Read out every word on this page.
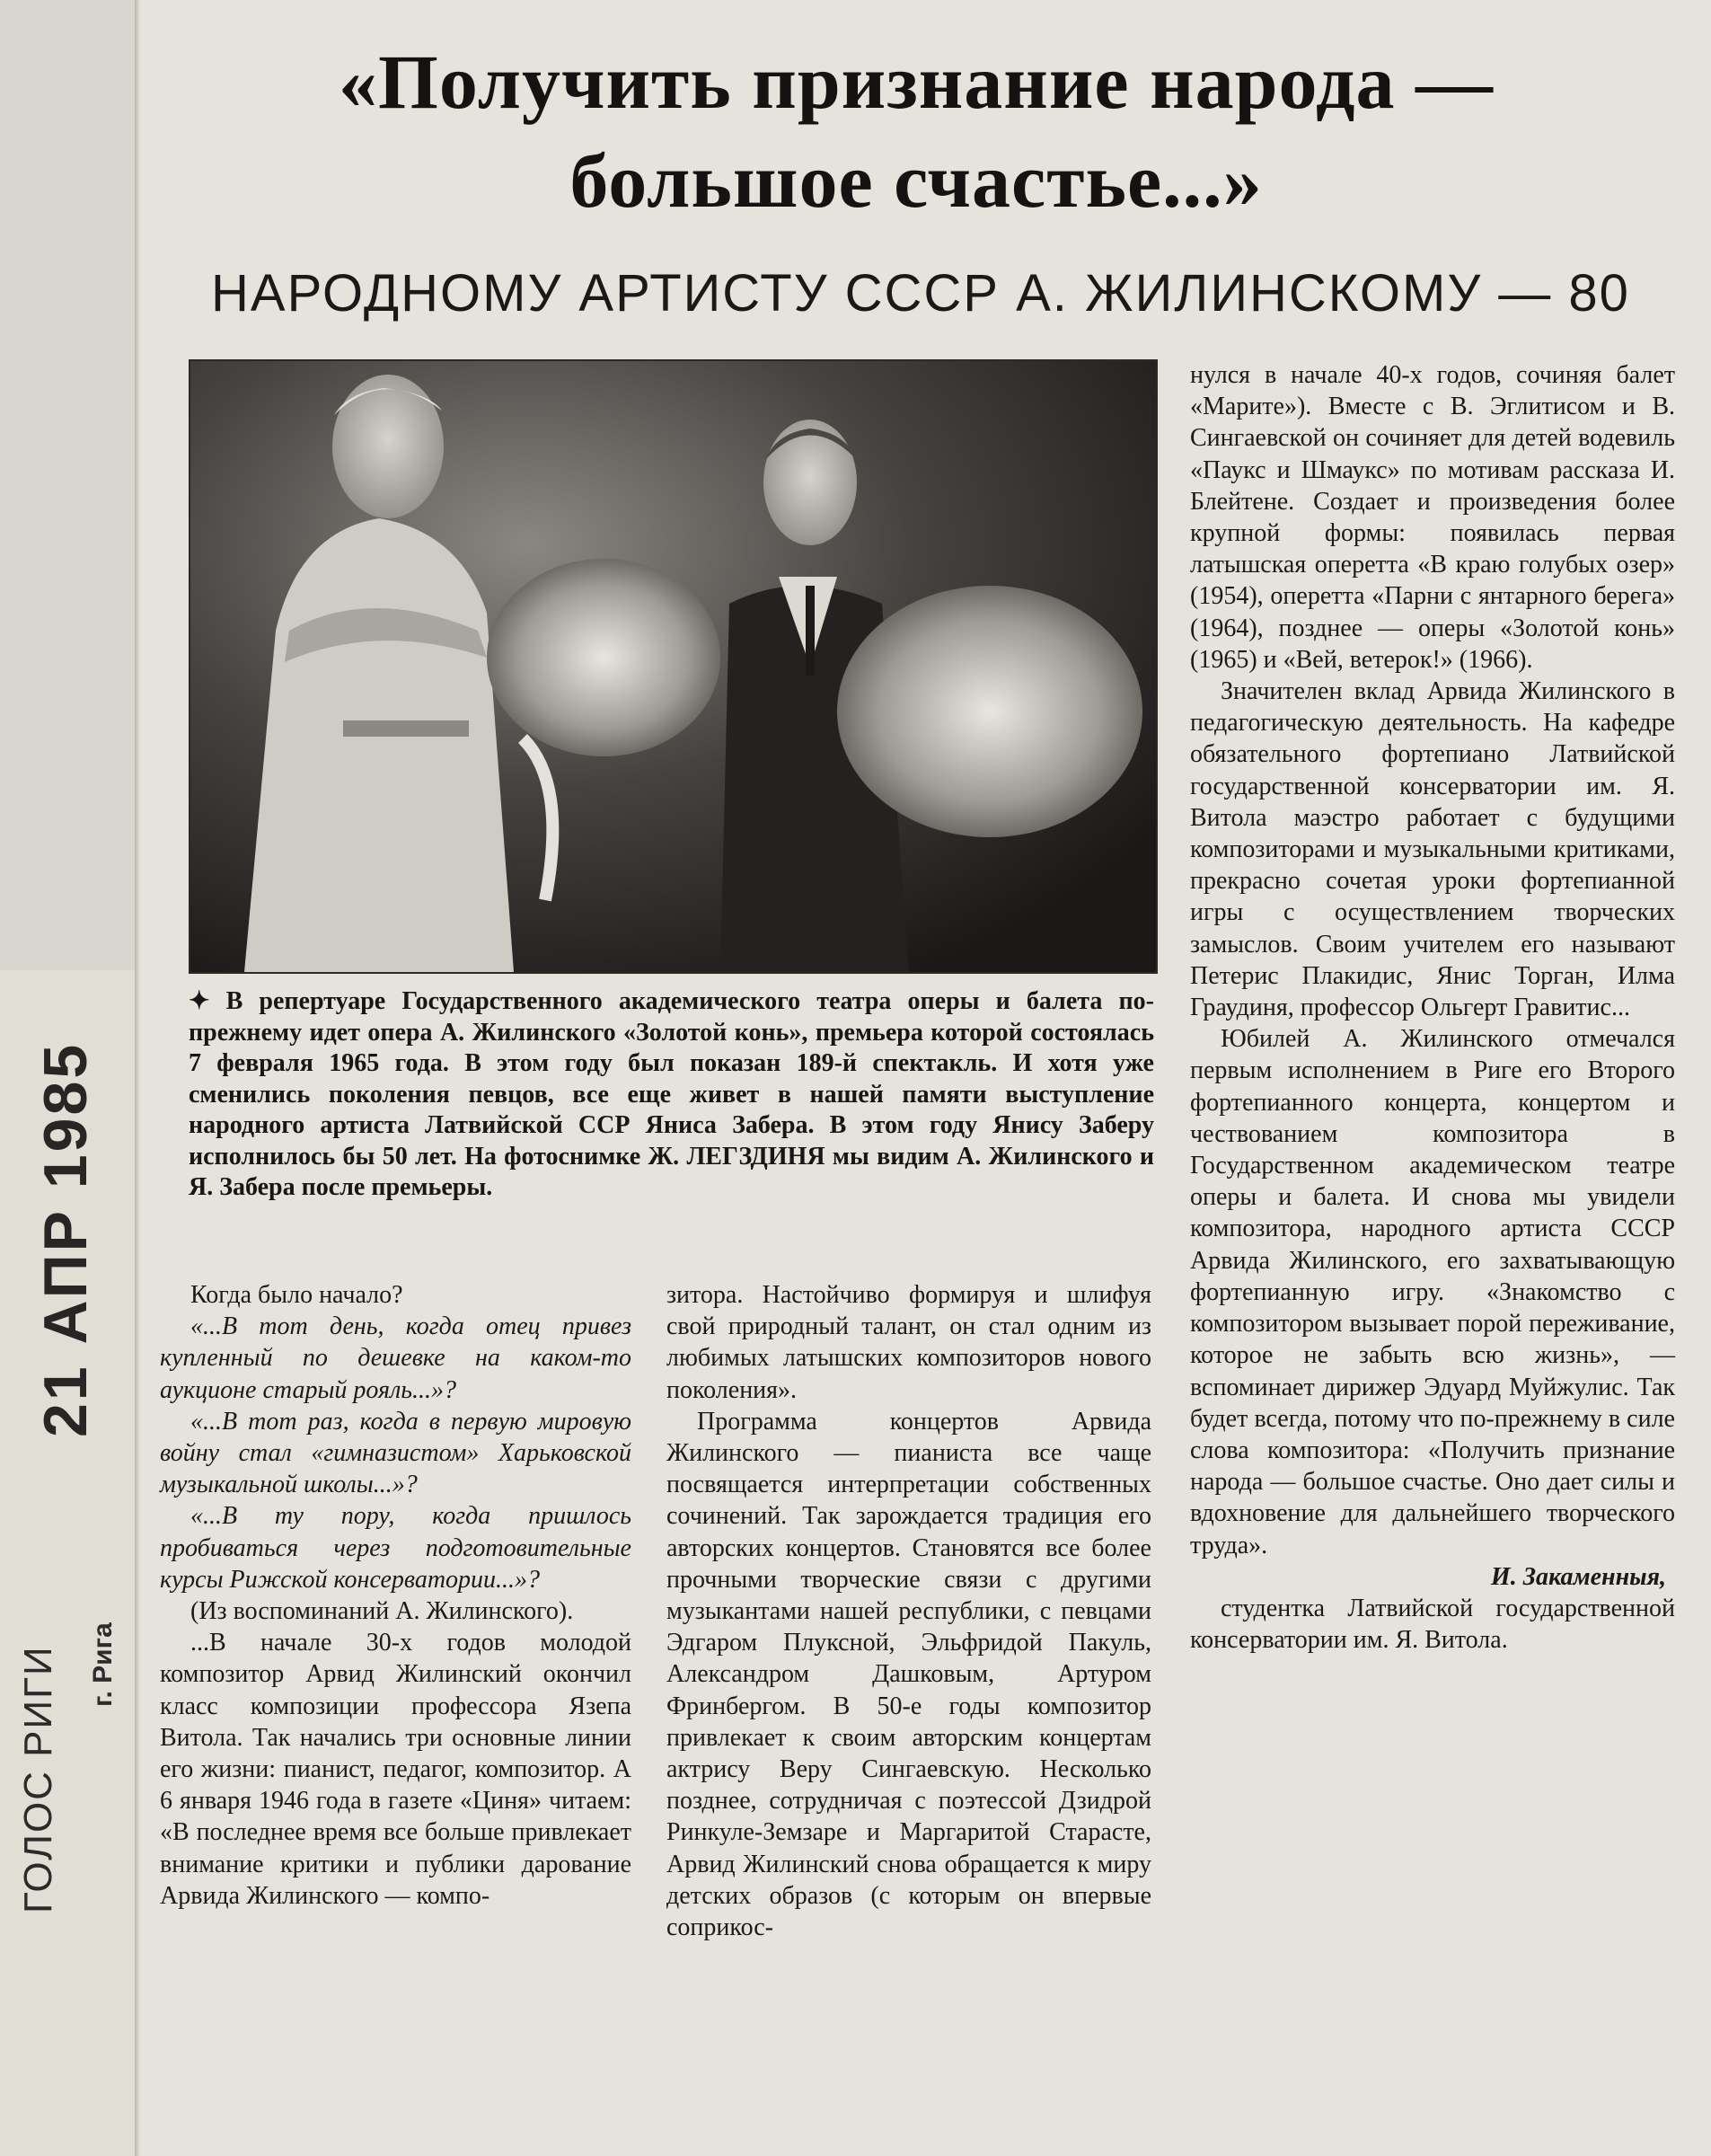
«Получить признание народа —
большое счастье...»
НАРОДНОМУ АРТИСТУ СССР А. ЖИЛИНСКОМУ — 80
✦ В репертуаре Государственного академического театра оперы и балета по-прежнему идет опера А. Жилинского «Золотой конь», премьера которой состоялась 7 февраля 1965 года. В этом году был показан 189-й спектакль. И хотя уже сменились поколения певцов, все еще живет в нашей памяти выступление народного артиста Латвийской ССР Яниса Забера. В этом году Янису Заберу исполнилось бы 50 лет. На фотоснимке Ж. ЛЕГЗДИНЯ мы видим А. Жилинского и Я. Забера после премьеры.

Когда было начало?

«...В тот день, когда отец привез купленный по дешевке на каком-то аукционе старый рояль...»?

«...В тот раз, когда в первую мировую войну стал «гимназистом» Харьковской музыкальной школы...»?

«...В ту пору, когда пришлось пробиваться через подготовительные курсы Рижской консерватории...»?

(Из воспоминаний А. Жилинского).

...В начале 30-х годов молодой композитор Арвид Жилинский окончил класс композиции профессора Язепа Витола. Так начались три основные линии его жизни: пианист, педагог, композитор. А 6 января 1946 года в газете «Циня» читаем: «В последнее время все больше привлекает внимание критики и публики дарование Арвида Жилинского — компо-

зитора. Настойчиво формируя и шлифуя свой природный талант, он стал одним из любимых латышских композиторов нового поколения».

Программа концертов Арвида Жилинского — пианиста все чаще посвящается интерпретации собственных сочинений. Так зарождается традиция его авторских концертов. Становятся все более прочными творческие связи с другими музыкантами нашей республики, с певцами Эдгаром Плуксной, Эльфридой Пакуль, Александром Дашковым, Артуром Фринбергом. В 50-е годы композитор привлекает к своим авторским концертам актрису Веру Сингаевскую. Несколько позднее, сотрудничая с поэтессой Дзидрой Ринкуле-Земзаре и Маргаритой Старасте, Арвид Жилинский снова обращается к миру детских образов (с которым он впервые соприкос-

нулся в начале 40-х годов, сочиняя балет «Марите»). Вместе с В. Эглитисом и В. Сингаевской он сочиняет для детей водевиль «Паукс и Шмаукс» по мотивам рассказа И. Блейтене. Создает и произведения более крупной формы: появилась первая латышская оперетта «В краю голубых озер» (1954), оперетта «Парни с янтарного берега» (1964), позднее — оперы «Золотой конь» (1965) и «Вей, ветерок!» (1966).

Значителен вклад Арвида Жилинского в педагогическую деятельность. На кафедре обязательного фортепиано Латвийской государственной консерватории им. Я. Витола маэстро работает с будущими композиторами и музыкальными критиками, прекрасно сочетая уроки фортепианной игры с осуществлением творческих замыслов. Своим учителем его называют Петерис Плакидис, Янис Торган, Илма Граудиня, профессор Ольгерт Гравитис...

Юбилей А. Жилинского отмечался первым исполнением в Риге его Второго фортепианного концерта, концертом и чествованием композитора в Государственном академическом театре оперы и балета. И снова мы увидели композитора, народного артиста СССР Арвида Жилинского, его захватывающую фортепианную игру. «Знакомство с композитором вызывает порой переживание, которое не забыть всю жизнь», — вспоминает дирижер Эдуард Муйжулис. Так будет всегда, потому что по-прежнему в силе слова композитора: «Получить признание народа — большое счастье. Оно дает силы и вдохновение для дальнейшего творческого труда».

И. Закаменныя,

студентка Латвийской государственной консерватории им. Я. Витола.

ГОЛОС РИГИ г. Рига
21 АПР 1985
